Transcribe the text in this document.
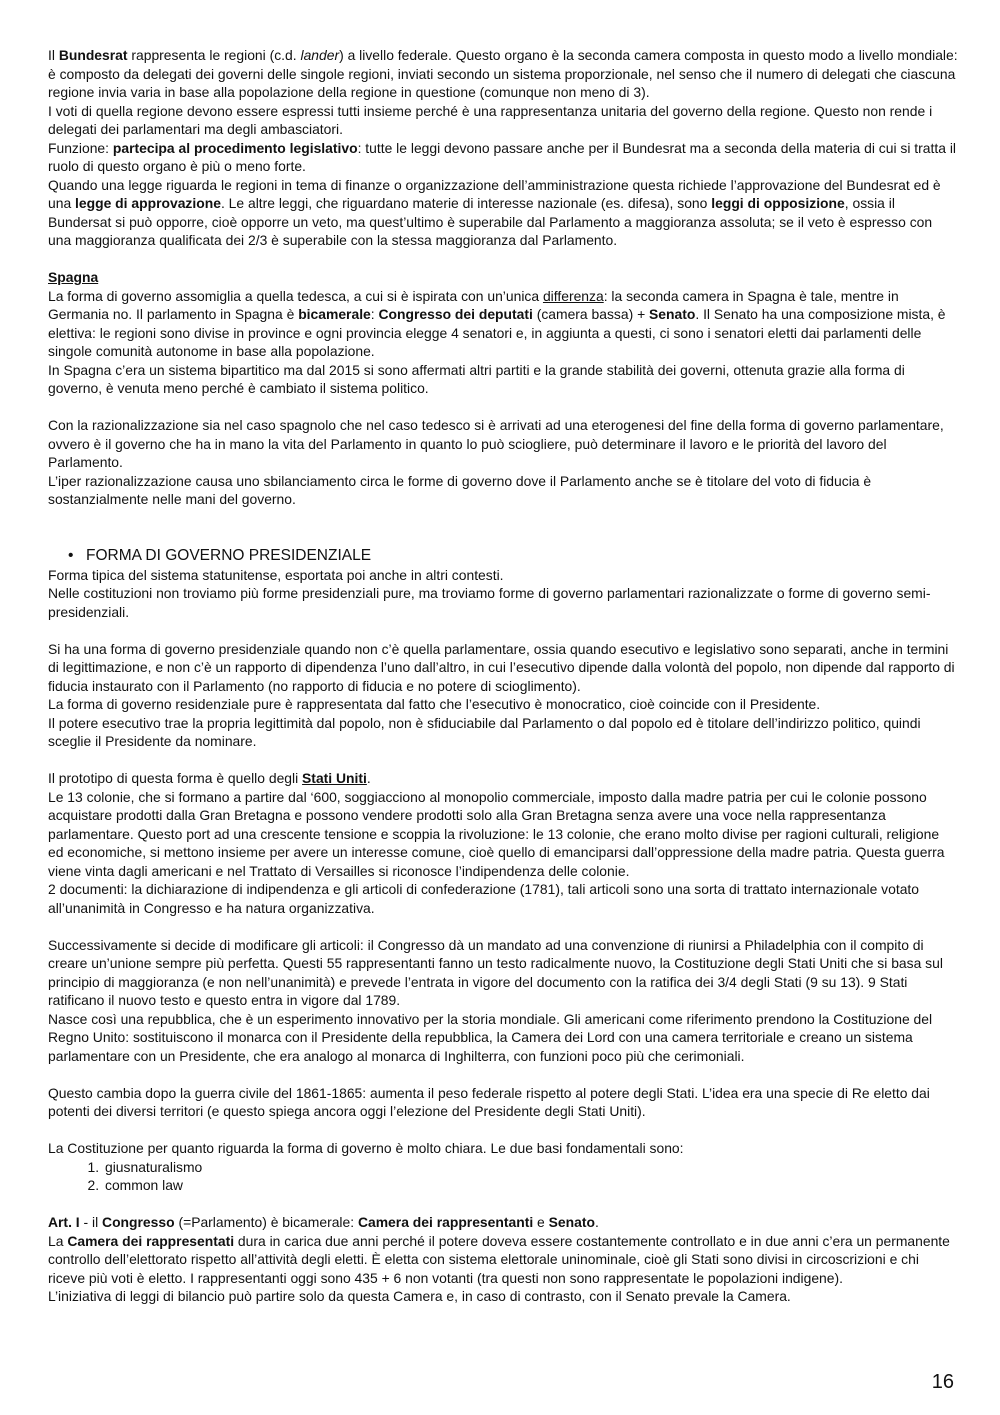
Il Bundesrat rappresenta le regioni (c.d. lander) a livello federale. Questo organo è la seconda camera composta in questo modo a livello mondiale: è composto da delegati dei governi delle singole regioni, inviati secondo un sistema proporzionale, nel senso che il numero di delegati che ciascuna regione invia varia in base alla popolazione della regione in questione (comunque non meno di 3).

I voti di quella regione devono essere espressi tutti insieme perché è una rappresentanza unitaria del governo della regione. Questo non rende i delegati dei parlamentari ma degli ambasciatori.

Funzione: partecipa al procedimento legislativo: tutte le leggi devono passare anche per il Bundesrat ma a seconda della materia di cui si tratta il ruolo di questo organo è più o meno forte.

Quando una legge riguarda le regioni in tema di finanze o organizzazione dell’amministrazione questa richiede l’approvazione del Bundesrat ed è una legge di approvazione. Le altre leggi, che riguardano materie di interesse nazionale (es. difesa), sono leggi di opposizione, ossia il Bundersat si può opporre, cioè opporre un veto, ma quest’ultimo è superabile dal Parlamento a maggioranza assoluta; se il veto è espresso con una maggioranza qualificata dei 2/3 è superabile con la stessa maggioranza dal Parlamento.

Spagna

La forma di governo assomiglia a quella tedesca, a cui si è ispirata con un’unica differenza: la seconda camera in Spagna è tale, mentre in Germania no. Il parlamento in Spagna è bicamerale: Congresso dei deputati (camera bassa) + Senato. Il Senato ha una composizione mista, è elettiva: le regioni sono divise in province e ogni provincia elegge 4 senatori e, in aggiunta a questi, ci sono i senatori eletti dai parlamenti delle singole comunità autonome in base alla popolazione.

In Spagna c’era un sistema bipartitico ma dal 2015 si sono affermati altri partiti e la grande stabilità dei governi, ottenuta grazie alla forma di governo, è venuta meno perché è cambiato il sistema politico.

Con la razionalizzazione sia nel caso spagnolo che nel caso tedesco si è arrivati ad una eterogenesi del fine della forma di governo parlamentare, ovvero è il governo che ha in mano la vita del Parlamento in quanto lo può sciogliere, può determinare il lavoro e le priorità del lavoro del Parlamento.

L’iper razionalizzazione causa uno sbilanciamento circa le forme di governo dove il Parlamento anche se è titolare del voto di fiducia è sostanzialmente nelle mani del governo.

• FORMA DI GOVERNO PRESIDENZIALE

Forma tipica del sistema statunitense, esportata poi anche in altri contesti.

Nelle costituzioni non troviamo più forme presidenziali pure, ma troviamo forme di governo parlamentari razionalizzate o forme di governo semi-presidenziali.

Si ha una forma di governo presidenziale quando non c’è quella parlamentare, ossia quando esecutivo e legislativo sono separati, anche in termini di legittimazione, e non c’è un rapporto di dipendenza l’uno dall’altro, in cui l’esecutivo dipende dalla volontà del popolo, non dipende dal rapporto di fiducia instaurato con il Parlamento (no rapporto di fiducia e no potere di scioglimento).

La forma di governo residenziale pure è rappresentata dal fatto che l’esecutivo è monocratico, cioè coincide con il Presidente.

Il potere esecutivo trae la propria legittimità dal popolo, non è sfiduciabile dal Parlamento o dal popolo ed è titolare dell’indirizzo politico, quindi sceglie il Presidente da nominare.

Il prototipo di questa forma è quello degli Stati Uniti.

Le 13 colonie, che si formano a partire dal ‘600, soggiacciono al monopolio commerciale, imposto dalla madre patria per cui le colonie possono acquistare prodotti dalla Gran Bretagna e possono vendere prodotti solo alla Gran Bretagna senza avere una voce nella rappresentanza parlamentare. Questo port ad una crescente tensione e scoppia la rivoluzione: le 13 colonie, che erano molto divise per ragioni culturali, religione ed economiche, si mettono insieme per avere un interesse comune, cioè quello di emanciparsi dall’oppressione della madre patria. Questa guerra viene vinta dagli americani e nel Trattato di Versailles si riconosce l’indipendenza delle colonie.

2 documenti: la dichiarazione di indipendenza e gli articoli di confederazione (1781), tali articoli sono una sorta di trattato internazionale votato all’unanimità in Congresso e ha natura organizzativa.

Successivamente si decide di modificare gli articoli: il Congresso dà un mandato ad una convenzione di riunirsi a Philadelphia con il compito di creare un’unione sempre più perfetta. Questi 55 rappresentanti fanno un testo radicalmente nuovo, la Costituzione degli Stati Uniti che si basa sul principio di maggioranza (e non nell’unanimità) e prevede l’entrata in vigore del documento con la ratifica dei 3/4 degli Stati (9 su 13). 9 Stati ratificano il nuovo testo e questo entra in vigore dal 1789.

Nasce così una repubblica, che è un esperimento innovativo per la storia mondiale. Gli americani come riferimento prendono la Costituzione del Regno Unito: sostituiscono il monarca con il Presidente della repubblica, la Camera dei Lord con una camera territoriale e creano un sistema parlamentare con un Presidente, che era analogo al monarca di Inghilterra, con funzioni poco più che cerimoniali.

Questo cambia dopo la guerra civile del 1861-1865: aumenta il peso federale rispetto al potere degli Stati. L’idea era una specie di Re eletto dai potenti dei diversi territori (e questo spiega ancora oggi l’elezione del Presidente degli Stati Uniti).

La Costituzione per quanto riguarda la forma di governo è molto chiara. Le due basi fondamentali sono:

1. giusnaturalismo
2. common law

Art. I - il Congresso (=Parlamento) è bicamerale: Camera dei rappresentanti e Senato.

La Camera dei rappresentati dura in carica due anni perché il potere doveva essere costantemente controllato e in due anni c’era un permanente controllo dell’elettorato rispetto all’attività degli eletti. È eletta con sistema elettorale uninominale, cioè gli Stati sono divisi in circoscrizioni e chi riceve più voti è eletto. I rappresentanti oggi sono 435 + 6 non votanti (tra questi non sono rappresentate le popolazioni indigene).

L’iniziativa di leggi di bilancio può partire solo da questa Camera e, in caso di contrasto, con il Senato prevale la Camera.

16
